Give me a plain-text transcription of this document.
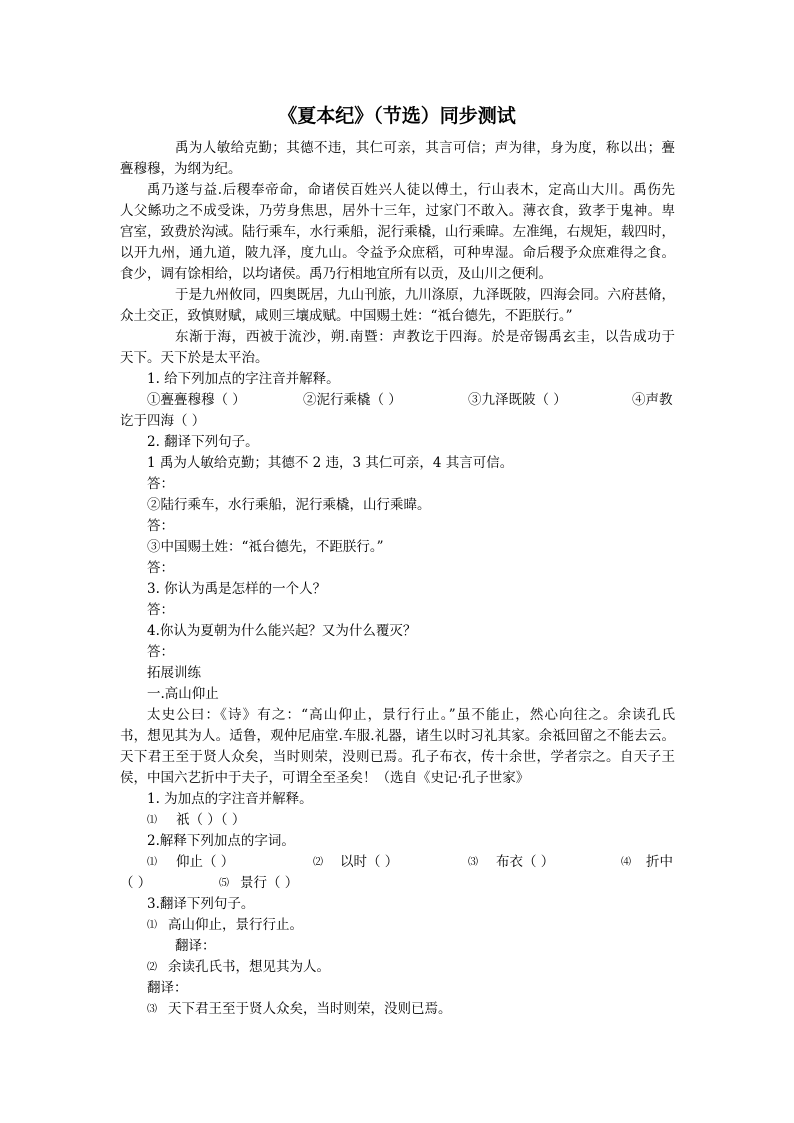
《夏本纪》（节选）同步测试
禹为人敏给克勤；其德不违，其仁可亲，其言可信；声为律，身为度，称以出；亹
亹穆穆，为纲为纪。
禹乃遂与益.后稷奉帝命，命诸侯百姓兴人徒以傅土，行山表木，定高山大川。禹伤先
人父鲧功之不成受诛，乃劳身焦思，居外十三年，过家门不敢入。薄衣食，致孝于鬼神。卑
宫室，致费於沟淢。陆行乘车，水行乘船，泥行乘橇，山行乘暐。左准绳，右规矩，载四时，
以开九州，通九道，陂九泽，度九山。令益予众庶稻，可种卑湿。命后稷予众庶难得之食。
食少，调有馀相给，以均诸侯。禹乃行相地宜所有以贡，及山川之便利。
于是九州攸同，四奥既居，九山刊旅，九川涤原，九泽既陂，四海会同。六府甚脩，
众土交正，致慎财赋，咸则三壤成赋。中国赐土姓：“祗台德先，不距朕行。”
东渐于海，西被于流沙，朔.南暨：声教讫于四海。於是帝锡禹玄圭，以告成功于
天下。天下於是太平治。
1. 给下列加点的字注音并解释。
①亹亹穆穆（ ）	②泥行乘橇（ ）	③九泽既陂（ ）	④声教
讫于四海（ ）
2. 翻译下列句子。
1 禹为人敏给克勤；其德不 2 违，3 其仁可亲，4 其言可信。
答：
②陆行乘车，水行乘船，泥行乘橇，山行乘暐。
答：
③中国赐土姓：“祗台德先，不距朕行。”
答：
3. 你认为禹是怎样的一个人？
答：
4.你认为夏朝为什么能兴起？又为什么覆灭？
答：
拓展训练
一.高山仰止
太史公曰：《诗》有之：“高山仰止，景行行止。”虽不能止，然心向往之。余读孔氏
书，想见其为人。适鲁，观仲尼庙堂.车服.礼器，诸生以时习礼其家。余祗回留之不能去云。
天下君王至于贤人众矣，当时则荣，没则已焉。孔子布衣，传十余世，学者宗之。自天子王
侯，中国六艺折中于夫子，可谓全至圣矣！（选自《史记·孔子世家》
1. 为加点的字注音并解释。
⑴ 祇（ ）（ ）
2.解释下列加点的字词。
⑴ 仰止（ ）	⑵ 以时（ ）	⑶ 布衣（ ）	⑷ 折中
（ ）	⑸ 景行（ ）
3.翻译下列句子。
⑴ 高山仰止，景行行止。
翻译：
⑵ 余读孔氏书，想见其为人。
翻译：
⑶ 天下君王至于贤人众矣，当时则荣，没则已焉。
